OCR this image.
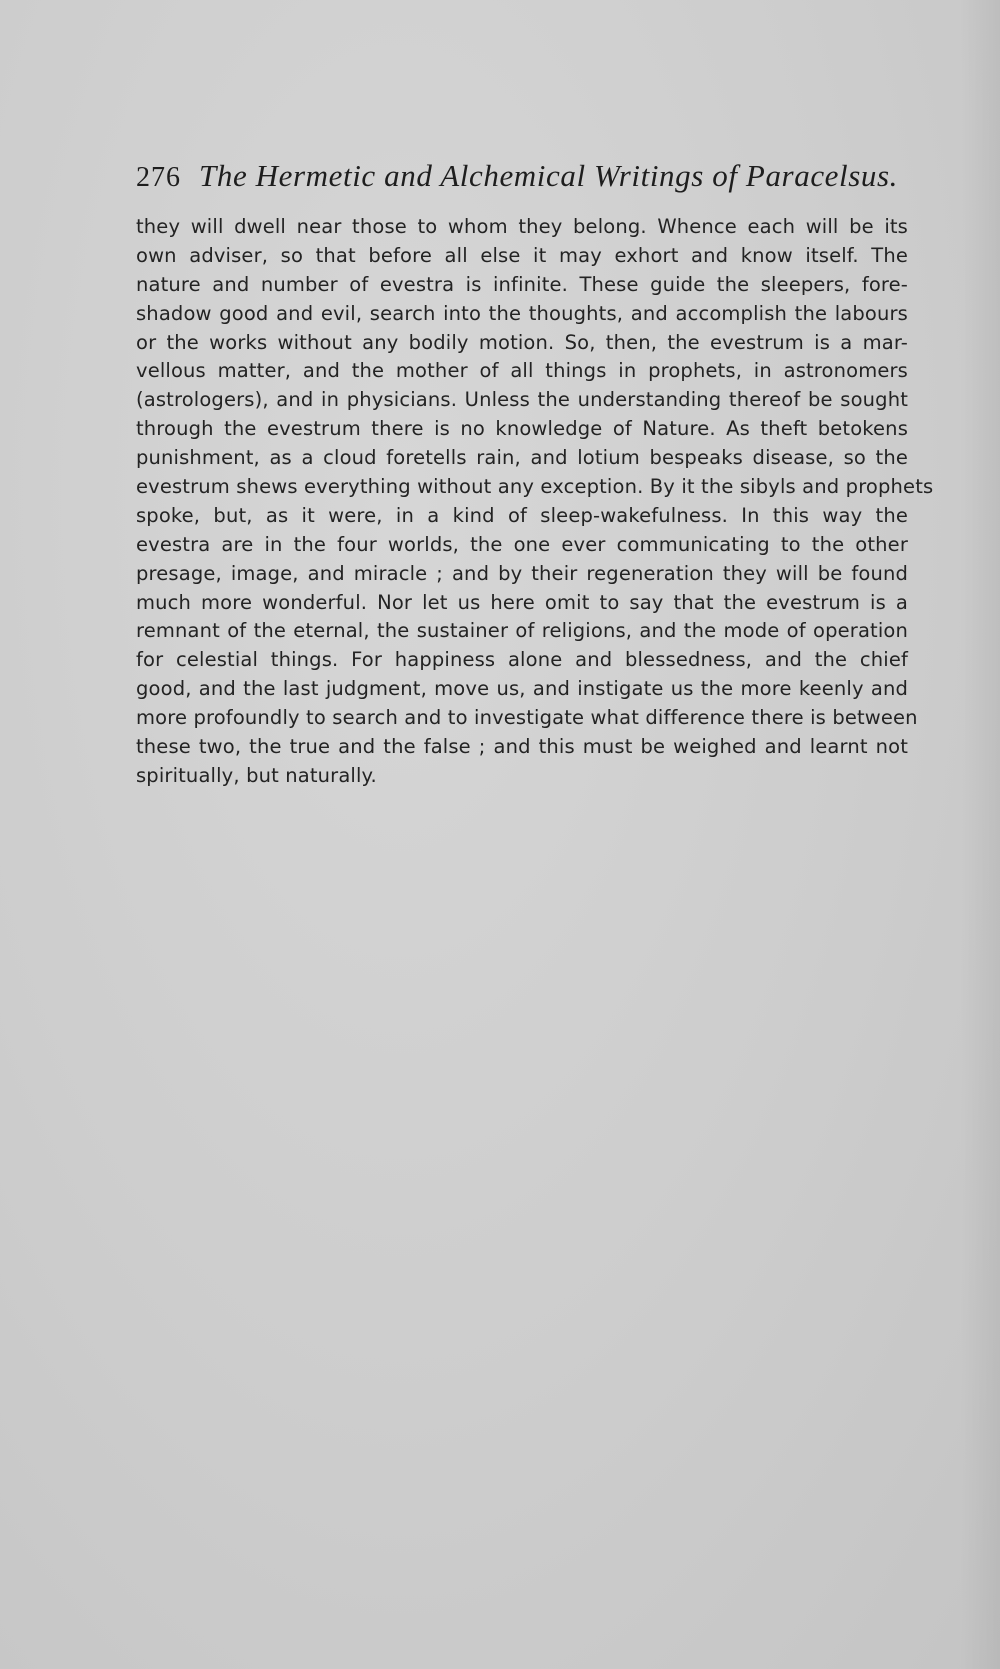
276 The Hermetic and Alchemical Writings of Paracelsus.
they will dwell near those to whom they belong. Whence each will be its
own adviser, so that before all else it may exhort and know itself. The
nature and number of evestra is infinite. These guide the sleepers, fore-
shadow good and evil, search into the thoughts, and accomplish the labours
or the works without any bodily motion. So, then, the evestrum is a mar-
vellous matter, and the mother of all things in prophets, in astronomers
(astrologers), and in physicians. Unless the understanding thereof be sought
through the evestrum there is no knowledge of Nature. As theft betokens
punishment, as a cloud foretells rain, and lotium bespeaks disease, so the
evestrum shews everything without any exception. By it the sibyls and prophets
spoke, but, as it were, in a kind of sleep-wakefulness. In this way the
evestra are in the four worlds, the one ever communicating to the other
presage, image, and miracle ; and by their regeneration they will be found
much more wonderful. Nor let us here omit to say that the evestrum is a
remnant of the eternal, the sustainer of religions, and the mode of operation
for celestial things. For happiness alone and blessedness, and the chief
good, and the last judgment, move us, and instigate us the more keenly and
more profoundly to search and to investigate what difference there is between
these two, the true and the false ; and this must be weighed and learnt not
spiritually, but naturally.
